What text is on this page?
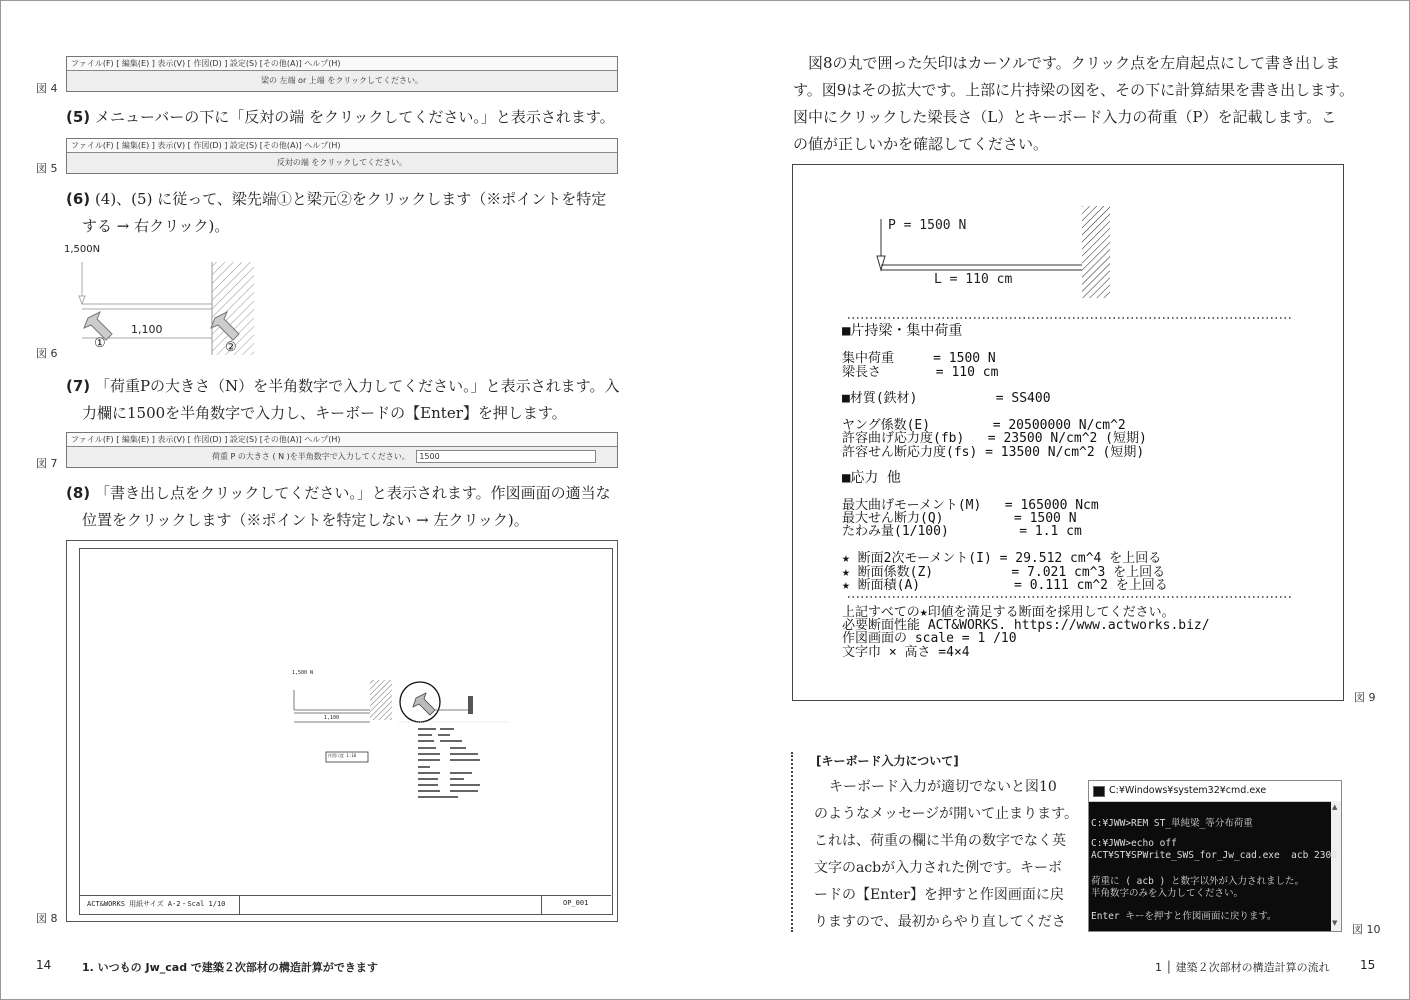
ファイル(F) [ 編集(E) ] 表示(V) [ 作図(D) ] 設定(S) [その他(A)] ヘルプ(H)
梁の 左端 or 上端 をクリックしてください。
図 4
(5) メニューバーの下に「反対の端 をクリックしてください。」と表示されます。
ファイル(F) [ 編集(E) ] 表示(V) [ 作図(D) ] 設定(S) [その他(A)] ヘルプ(H)
反対の端 をクリックしてください。
図 5
(6) (4)、(5) に従って、梁先端①と梁元②をクリックします（※ポイントを特定
する → 右クリック)。
1,500N
1,100
①	②
図 6
(7) 「荷重Pの大きさ（N）を半角数字で入力してください。」と表示されます。入
力欄に1500を半角数字で入力し、キーボードの【Enter】を押します。
ファイル(F) [ 編集(E) ] 表示(V) [ 作図(D) ] 設定(S) [その他(A)] ヘルプ(H)
荷重 P の大きさ ( N )を半角数字で入力してください。 1500
図 7
(8) 「書き出し点をクリックしてください。」と表示されます。作図画面の適当な
位置をクリックします（※ポイントを特定しない → 左クリック)。
ACT&WORKS 用紙サイズ A-2・Scal 1/10	OP_001
1,500 N
1,100
作図尺度 1:10
図 8
図8の丸で囲った矢印はカーソルです。クリック点を左肩起点にして書き出しま
す。図9はその拡大です。上部に片持梁の図を、その下に計算結果を書き出します。
図中にクリックした梁長さ（L）とキーボード入力の荷重（P）を記載します。こ
の値が正しいかを確認してください。
P = 1500 N
L = 110 cm
■片持梁・集中荷重
集中荷重     = 1500 N
梁長さ       = 110 cm
■材質(鉄材)          = SS400
ヤング係数(E)        = 20500000 N/cm^2
許容曲げ応力度(fb)   = 23500 N/cm^2 (短期)
許容せん断応力度(fs) = 13500 N/cm^2 (短期)
■応力 他
最大曲げモーメント(M)   = 165000 Ncm
最大せん断力(Q)         = 1500 N
たわみ量(1/100)         = 1.1 cm
★ 断面2次モーメント(I) = 29.512 cm^4 を上回る
★ 断面係数(Z)          = 7.021 cm^3 を上回る
★ 断面積(A)            = 0.111 cm^2 を上回る
上記すべての★印値を満足する断面を採用してください。
必要断面性能 ACT&WORKS. https://www.actworks.biz/
作図画面の scale = 1 /10
文字巾 × 高さ =4×4
図 9
[キーボード入力について]
キーボード入力が適切でないと図10
のようなメッセージが開いて止まります。
これは、荷重の欄に半角の数字でなく英
文字のacbが入力された例です。キーボ
ードの【Enter】を押すと作図画面に戻
りますので、最初からやり直してくださ
C:¥Windows¥system32¥cmd.exe
▲
▼
C:¥JWW>REM ST_単純梁_等分布荷重
C:¥JWW>echo off
ACT¥ST¥SPWrite_SWS_for_Jw_cad.exe  acb 2300
荷重に ( acb ) と数字以外が入力されました。
半角数字のみを入力してください。
Enter キーを押すと作図画面に戻ります。
図 10
14	1. いつもの Jw_cad で建築２次部材の構造計算ができます	1 │ 建築２次部材の構造計算の流れ	15
